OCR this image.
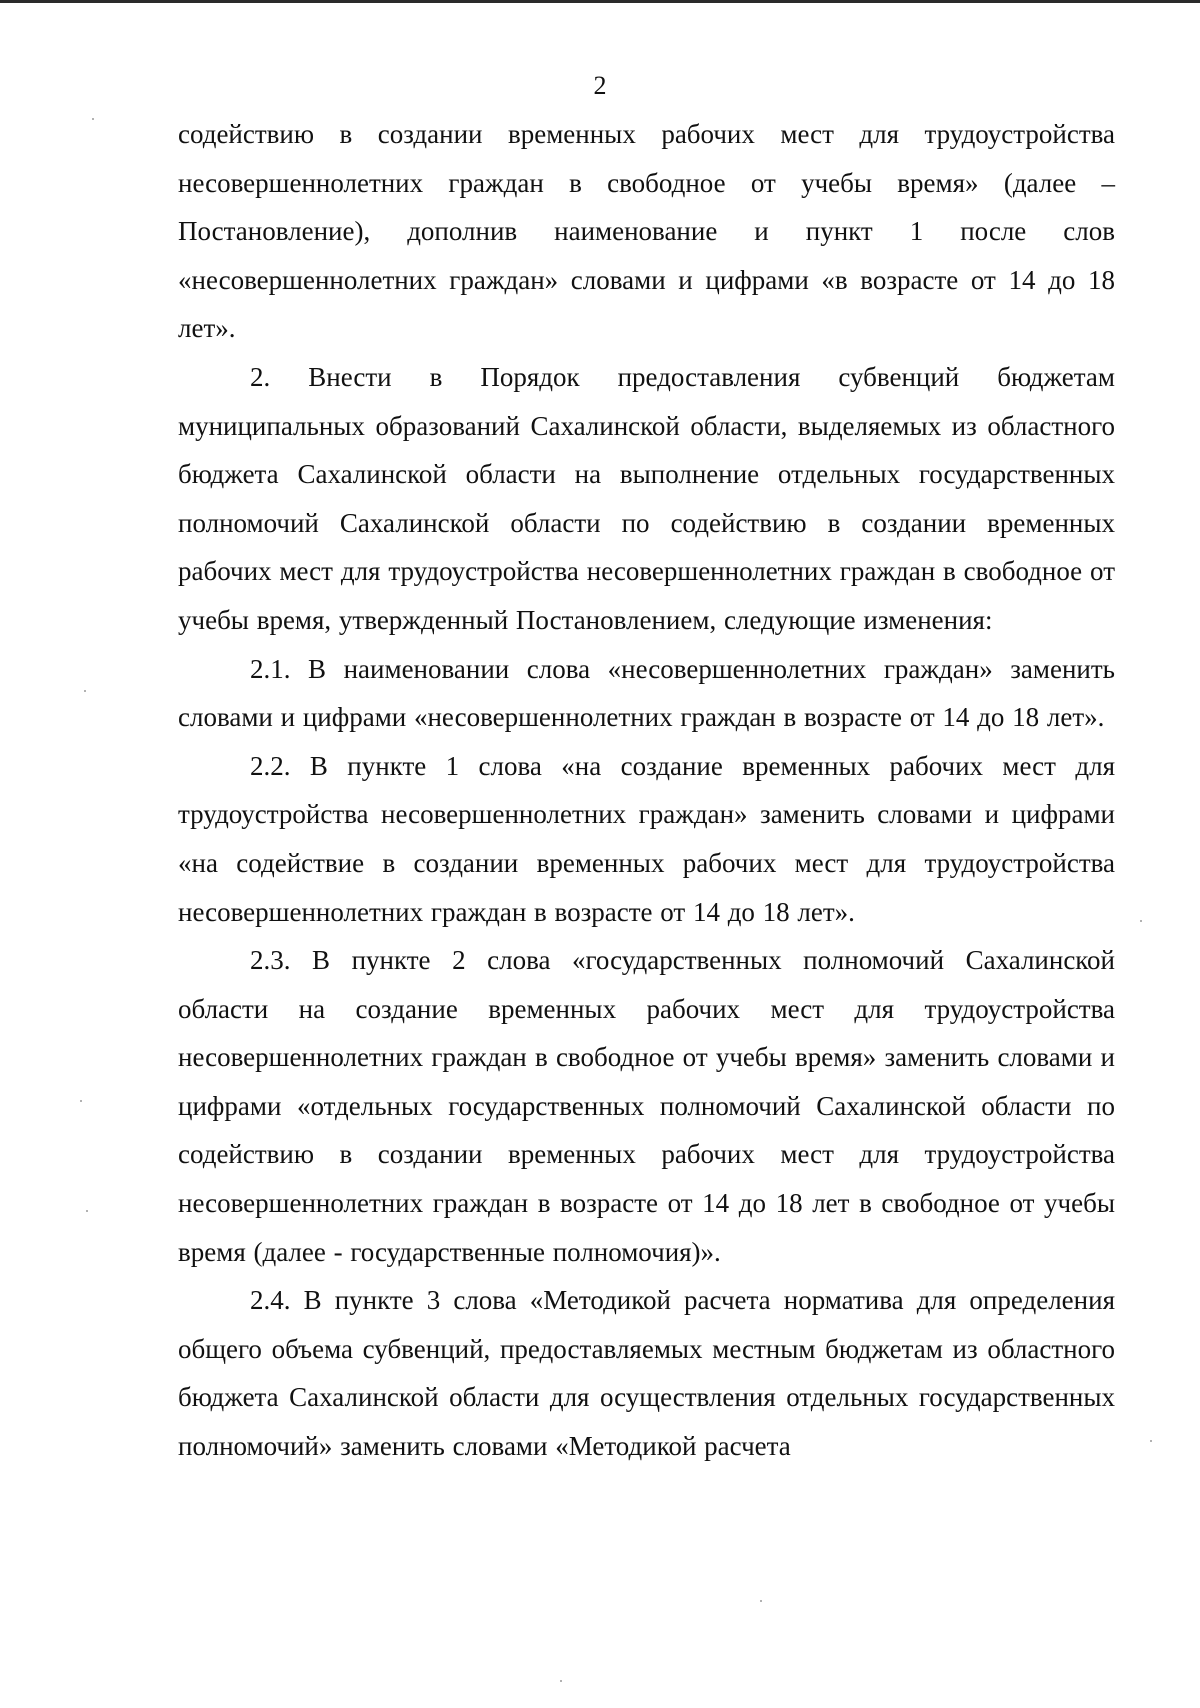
2

содействию в создании временных рабочих мест для трудоустройства несовершеннолетних граждан в свободное от учебы время» (далее – Постановление), дополнив наименование и пункт 1 после слов «несовершеннолетних граждан» словами и цифрами «в возрасте от 14 до 18 лет».

2. Внести в Порядок предоставления субвенций бюджетам муниципальных образований Сахалинской области, выделяемых из областного бюджета Сахалинской области на выполнение отдельных государственных полномочий Сахалинской области по содействию в создании временных рабочих мест для трудоустройства несовершеннолетних граждан в свободное от учебы время, утвержденный Постановлением, следующие изменения:

2.1. В наименовании слова «несовершеннолетних граждан» заменить словами и цифрами «несовершеннолетних граждан в возрасте от 14 до 18 лет».

2.2. В пункте 1 слова «на создание временных рабочих мест для трудоустройства несовершеннолетних граждан» заменить словами и цифрами «на содействие в создании временных рабочих мест для трудоустройства несовершеннолетних граждан в возрасте от 14 до 18 лет».

2.3. В пункте 2 слова «государственных полномочий Сахалинской области на создание временных рабочих мест для трудоустройства несовершеннолетних граждан в свободное от учебы время» заменить словами и цифрами «отдельных государственных полномочий Сахалинской области по содействию в создании временных рабочих мест для трудоустройства несовершеннолетних граждан в возрасте от 14 до 18 лет в свободное от учебы время (далее - государственные полномочия)».

2.4. В пункте 3 слова «Методикой расчета норматива для определения общего объема субвенций, предоставляемых местным бюджетам из областного бюджета Сахалинской области для осуществления отдельных государственных полномочий» заменить словами «Методикой расчета
